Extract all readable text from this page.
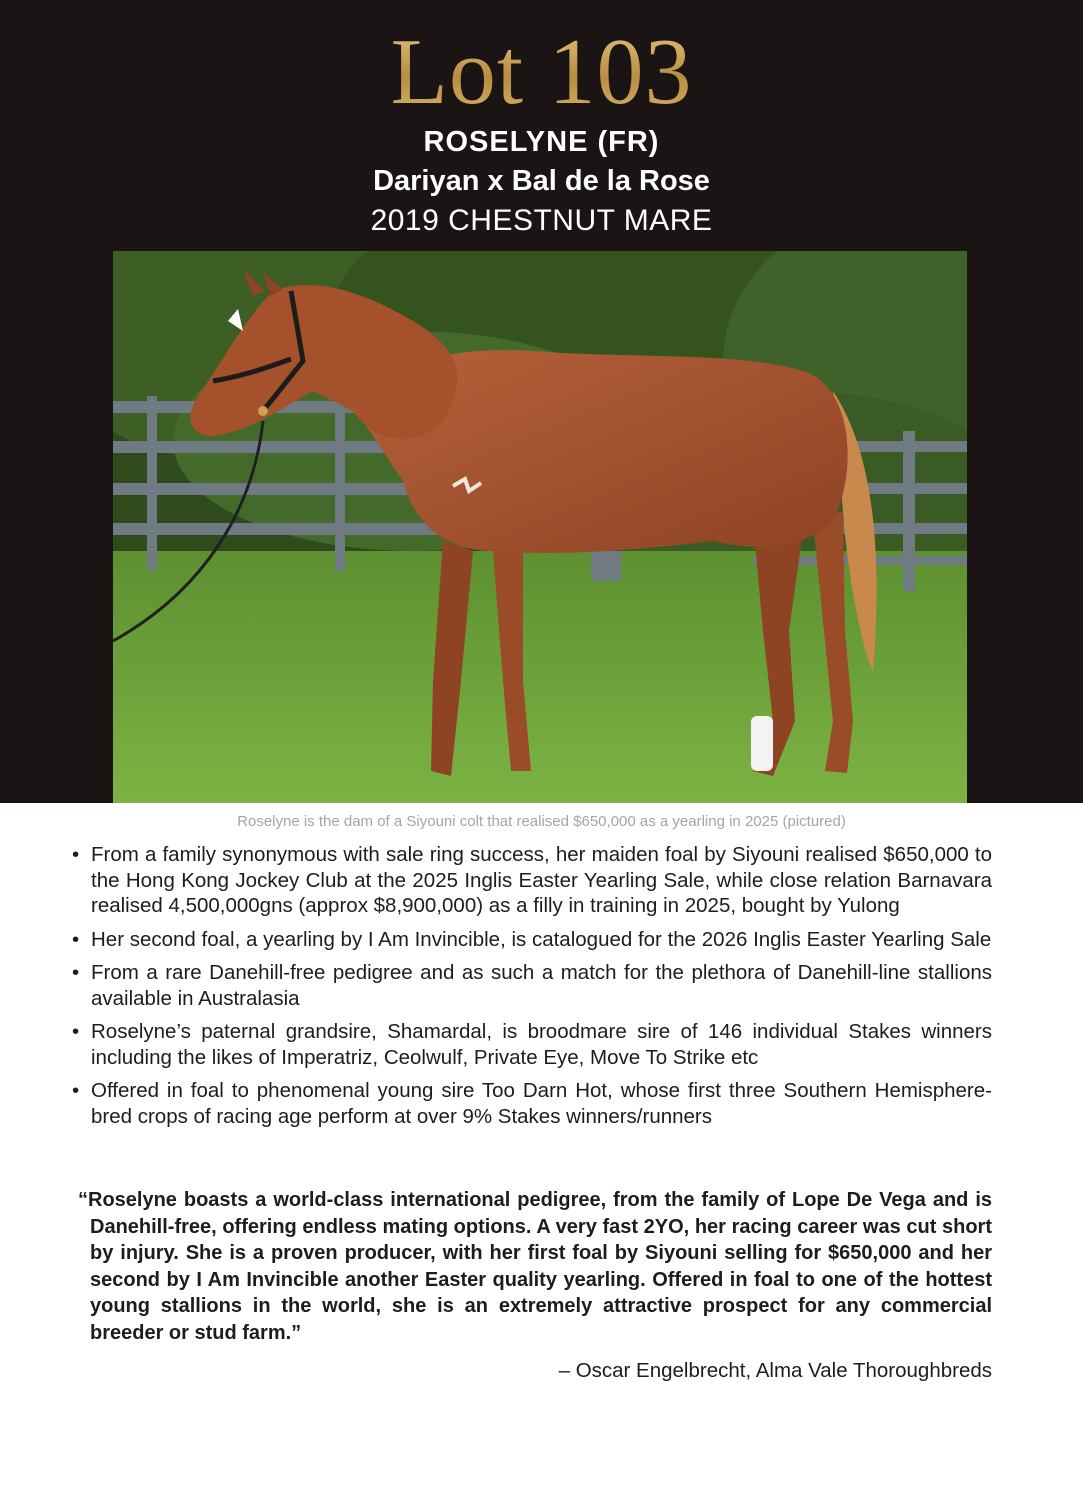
Lot 103
ROSELYNE (FR)
Dariyan x Bal de la Rose
2019 CHESTNUT MARE
Roselyne is the dam of a Siyouni colt that realised $650,000 as a yearling in 2025 (pictured)
• From a family synonymous with sale ring success, her maiden foal by Siyouni realised $650,000 to the Hong Kong Jockey Club at the 2025 Inglis Easter Yearling Sale, while close relation Barnavara realised 4,500,000gns (approx $8,900,000) as a filly in training in 2025, bought by Yulong
• Her second foal, a yearling by I Am Invincible, is catalogued for the 2026 Inglis Easter Yearling Sale
• From a rare Danehill-free pedigree and as such a match for the plethora of Danehill-line stallions available in Australasia
• Roselyne’s paternal grandsire, Shamardal, is broodmare sire of 146 individual Stakes winners including the likes of Imperatriz, Ceolwulf, Private Eye, Move To Strike etc
• Offered in foal to phenomenal young sire Too Darn Hot, whose first three Southern Hemisphere-bred crops of racing age perform at over 9% Stakes winners/runners
“Roselyne boasts a world-class international pedigree, from the family of Lope De Vega and is Danehill-free, offering endless mating options. A very fast 2YO, her racing career was cut short by injury. She is a proven producer, with her first foal by Siyouni selling for $650,000 and her second by I Am Invincible another Easter quality yearling. Offered in foal to one of the hottest young stallions in the world, she is an extremely attractive prospect for any commercial breeder or stud farm.”
– Oscar Engelbrecht, Alma Vale Thoroughbreds
